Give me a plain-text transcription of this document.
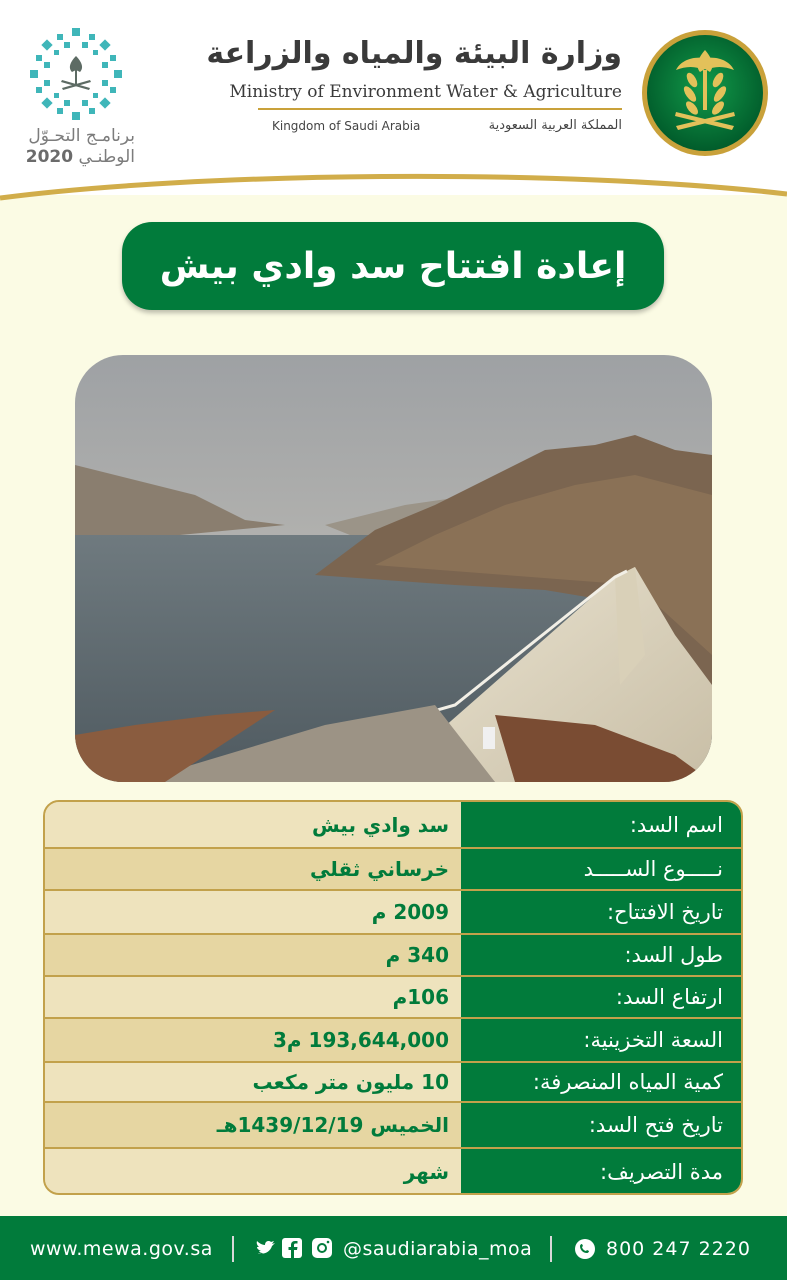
برنامـج التحـوّل
الوطنـي 2020
وزارة البيئة والمياه والزراعة
Ministry of Environment Water & Agriculture
Kingdom of Saudi Arabia	المملكة العربية السعودية
إعادة افتتاح سد وادي بيش
اسم السد:
سد وادي بيش
نـــــوع الســـــد
خرساني ثقلي
تاريخ الافتتاح:
2009 م
طول السد:
340 م
ارتفاع السد:
106م
السعة التخزينية:
193,644,000 م3
كمية المياه المنصرفة:
10 مليون متر مكعب
تاريخ فتح السد:
الخميس 1439/12/19هـ
مدة التصريف:
شهر
www.mewa.gov.sa	@saudiarabia_moa	800 247 2220
